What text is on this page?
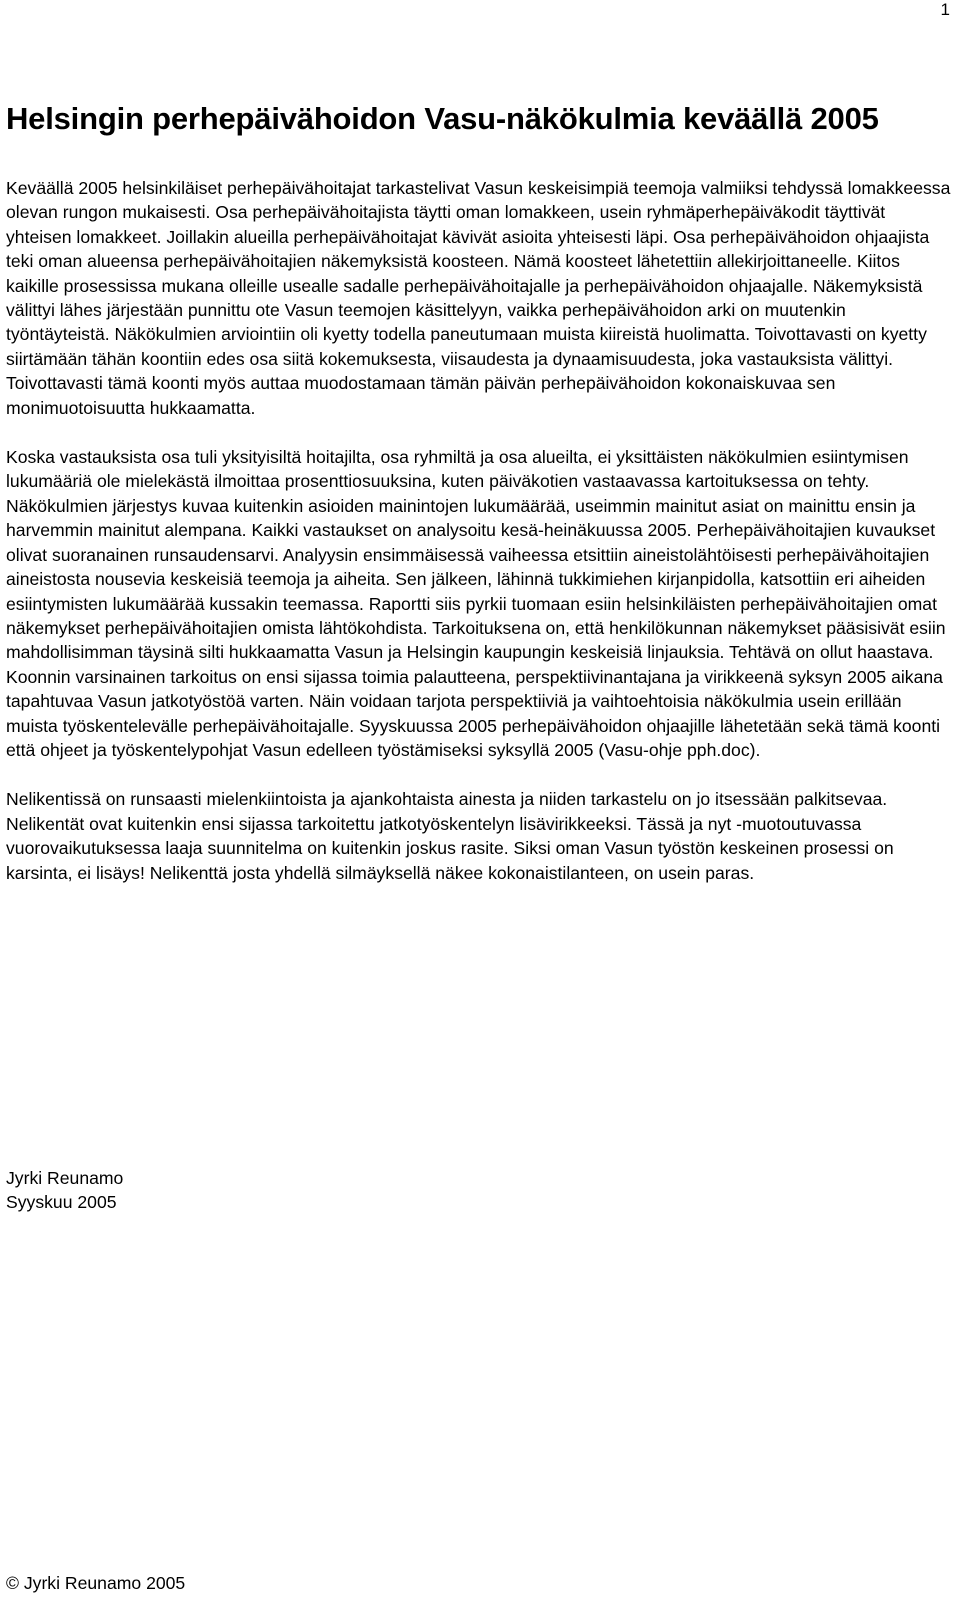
1
Helsingin perhepäivähoidon Vasu-näkökulmia keväällä 2005

Keväällä 2005 helsinkiläiset perhepäivähoitajat tarkastelivat Vasun keskeisimpiä teemoja valmiiksi tehdyssä lomakkeessa olevan rungon mukaisesti. Osa perhepäivähoitajista täytti oman lomakkeen, usein ryhmäperhepäiväkodit täyttivät yhteisen lomakkeet. Joillakin alueilla perhepäivähoitajat kävivät asioita yhteisesti läpi. Osa perhepäivähoidon ohjaajista teki oman alueensa perhepäivähoitajien näkemyksistä koosteen. Nämä koosteet lähetettiin allekirjoittaneelle. Kiitos kaikille prosessissa mukana olleille usealle sadalle perhepäivähoitajalle ja perhepäivähoidon ohjaajalle. Näkemyksistä välittyi lähes järjestään punnittu ote Vasun teemojen käsittelyyn, vaikka perhepäivähoidon arki on muutenkin työntäyteistä. Näkökulmien arviointiin oli kyetty todella paneutumaan muista kiireistä huolimatta. Toivottavasti on kyetty siirtämään tähän koontiin edes osa siitä kokemuksesta, viisaudesta ja dynaamisuudesta, joka vastauksista välittyi. Toivottavasti tämä koonti myös auttaa muodostamaan tämän päivän perhepäivähoidon kokonaiskuvaa sen monimuotoisuutta hukkaamatta.

Koska vastauksista osa tuli yksityisiltä hoitajilta, osa ryhmiltä ja osa alueilta, ei yksittäisten näkökulmien esiintymisen lukumääriä ole mielekästä ilmoittaa prosenttiosuuksina, kuten päiväkotien vastaavassa kartoituksessa on tehty. Näkökulmien järjestys kuvaa kuitenkin asioiden mainintojen lukumäärää, useimmin mainitut asiat on mainittu ensin ja harvemmin mainitut alempana. Kaikki vastaukset on analysoitu kesä-heinäkuussa 2005. Perhepäivähoitajien kuvaukset olivat suoranainen runsaudensarvi. Analyysin ensimmäisessä vaiheessa etsittiin aineistolähtöisesti perhepäivähoitajien aineistosta nousevia keskeisiä teemoja ja aiheita. Sen jälkeen, lähinnä tukkimiehen kirjanpidolla, katsottiin eri aiheiden esiintymisten lukumäärää kussakin teemassa. Raportti siis pyrkii tuomaan esiin helsinkiläisten perhepäivähoitajien omat näkemykset perhepäivähoitajien omista lähtökohdista. Tarkoituksena on, että henkilökunnan näkemykset pääsisivät esiin mahdollisimman täysinä silti hukkaamatta Vasun ja Helsingin kaupungin keskeisiä linjauksia. Tehtävä on ollut haastava. Koonnin varsinainen tarkoitus on ensi sijassa toimia palautteena, perspektiivinantajana ja virikkeenä syksyn 2005 aikana tapahtuvaa Vasun jatkotyöstöä varten. Näin voidaan tarjota perspektiiviä ja vaihtoehtoisia näkökulmia usein erillään muista työskentelevälle perhepäivähoitajalle. Syyskuussa 2005 perhepäivähoidon ohjaajille lähetetään sekä tämä koonti että ohjeet ja työskentelypohjat Vasun edelleen työstämiseksi syksyllä 2005 (Vasu-ohje pph.doc).

Nelikentissä on runsaasti mielenkiintoista ja ajankohtaista ainesta ja niiden tarkastelu on jo itsessään palkitsevaa. Nelikentät ovat kuitenkin ensi sijassa tarkoitettu jatkotyöskentelyn lisävirikkeeksi. Tässä ja nyt -muotoutuvassa vuorovaikutuksessa laaja suunnitelma on kuitenkin joskus rasite. Siksi oman Vasun työstön keskeinen prosessi on karsinta, ei lisäys! Nelikenttä josta yhdellä silmäyksellä näkee kokonaistilanteen, on usein paras.

Jyrki Reunamo
Syyskuu 2005
© Jyrki Reunamo 2005
